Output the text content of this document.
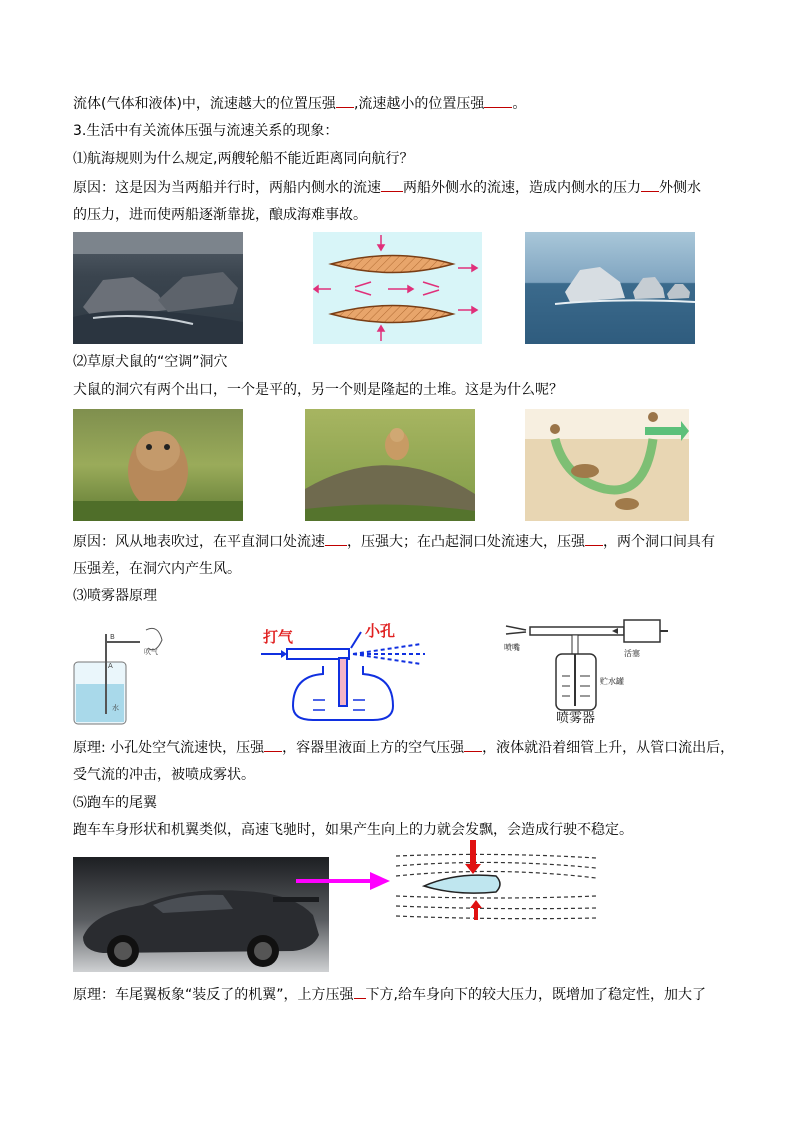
流体(气体和液体)中，流速越大的位置压强 ,流速越小的位置压强 。
3.生活中有关流体压强与流速关系的现象：
⑴航海规则为什么规定,两艘轮船不能近距离同向航行？
原因：这是因为当两船并行时，两船内侧水的流速 两船外侧水的流速，造成内侧水的压力 外侧水
的压力，进而使两船逐渐靠拢，酿成海难事故。
⑵草原犬鼠的“空调”洞穴
犬鼠的洞穴有两个出口，一个是平的，另一个则是隆起的土堆。这是为什么呢？
原因：风从地表吹过，在平直洞口处流速 ，压强大；在凸起洞口处流速大，压强 ，两个洞口间具有
压强差，在洞穴内产生风。
⑶喷雾器原理
B
A
吹气
水
打气	小孔
喷嘴
活塞
贮水罐
喷雾器
原理: 小孔处空气流速快，压强 ，容器里液面上方的空气压强 ，液体就沿着细管上升，从管口流出后，
受气流的冲击，被喷成雾状。
⑸跑车的尾翼
跑车车身形状和机翼类似，高速飞驰时，如果产生向上的力就会发飘，会造成行驶不稳定。
原理：车尾翼板象“装反了的机翼”，上方压强 下方,给车身向下的较大压力，既增加了稳定性，加大了
